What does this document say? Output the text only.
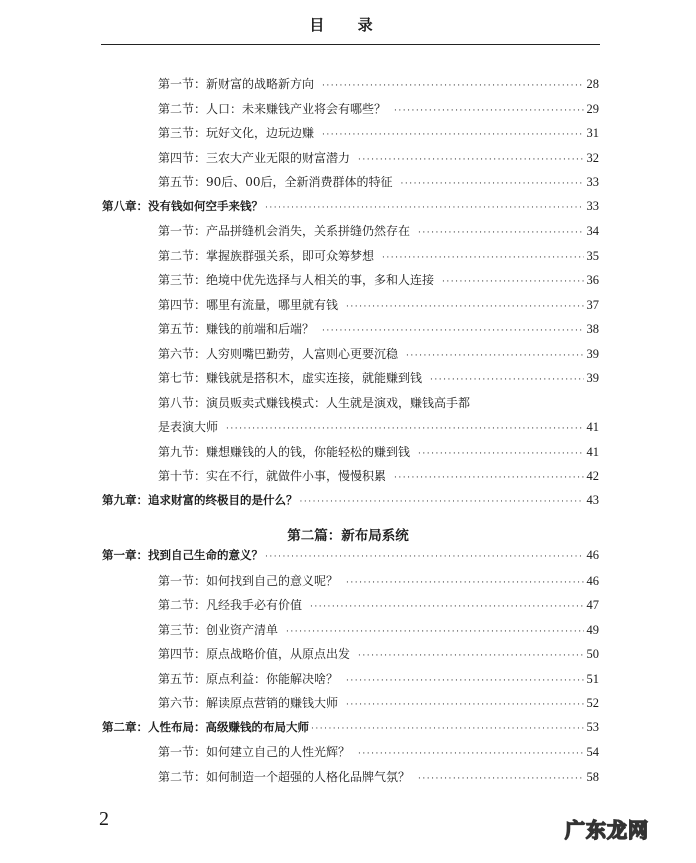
目 录
第一节：新财富的战略新方向 ·····	28
第二节：人口：未来赚钱产业将会有哪些？ ·····	29
第三节：玩好文化，边玩边赚 ·····	31
第四节：三农大产业无限的财富潜力 ·····	32
第五节：90后、00后，全新消费群体的特征 ·····	33
第八章：没有钱如何空手来钱？ ·····	33
第一节：产品拼缝机会消失，关系拼缝仍然存在 ·····	34
第二节：掌握族群强关系，即可众筹梦想 ·····	35
第三节：绝境中优先选择与人相关的事，多和人连接 ·····	36
第四节：哪里有流量，哪里就有钱 ·····	37
第五节：赚钱的前端和后端？ ·····	38
第六节：人穷则嘴巴勤劳，人富则心更要沉稳 ·····	39
第七节：赚钱就是搭积木，虚实连接，就能赚到钱 ·····	39
第八节：演员贩卖式赚钱模式：人生就是演戏，赚钱高手都
是表演大师 ·····	41
第九节：赚想赚钱的人的钱，你能轻松的赚到钱 ·····	41
第十节：实在不行，就做件小事，慢慢积累 ·····	42
第九章：追求财富的终极目的是什么？ ·····	43
第一章：找到自己生命的意义？ ·····	46
第一节：如何找到自己的意义呢？ ·····	46
第二节：凡经我手必有价值 ·····	47
第三节：创业资产清单 ·····	49
第四节：原点战略价值，从原点出发 ·····	50
第五节：原点利益：你能解决啥？ ·····	51
第六节：解读原点营销的赚钱大师 ·····	52
第二章：人性布局：高级赚钱的布局大师 ·····	53
第一节：如何建立自己的人性光辉？ ·····	54
第二节：如何制造一个超强的人格化品牌气氛？ ·····	58
第二篇：新布局系统
2	广东龙网
